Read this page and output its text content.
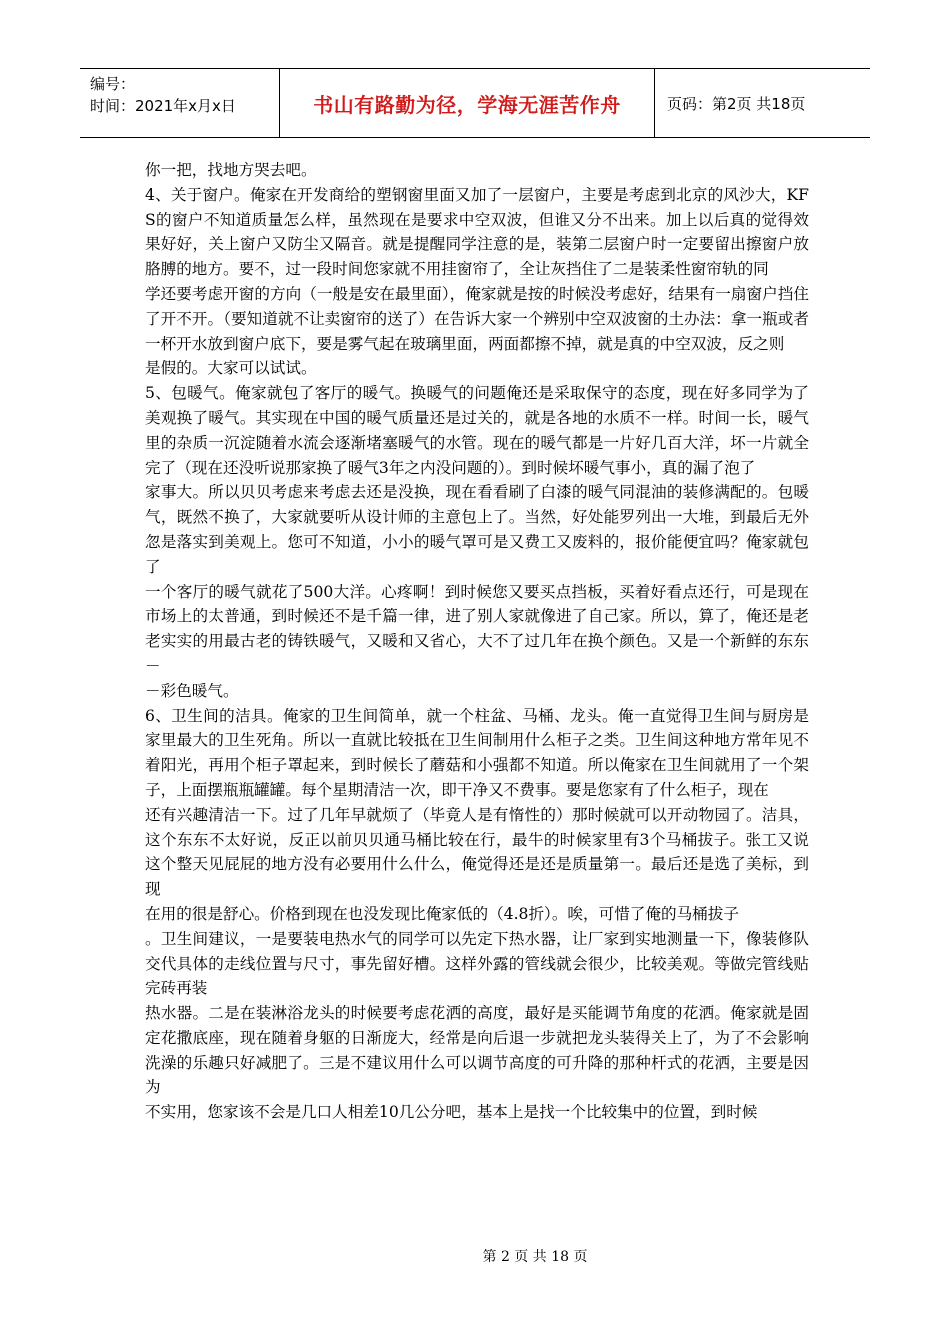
编号：
时间：2021年x月x日	书山有路勤为径，学海无涯苦作舟	页码：第2页 共18页

你一把，找地方哭去吧。

4、关于窗户。俺家在开发商给的塑钢窗里面又加了一层窗户，主要是考虑到北京的风沙大，KFS的窗户不知道质量怎么样，虽然现在是要求中空双波，但谁又分不出来。加上以后真的觉得效果好好，关上窗户又防尘又隔音。就是提醒同学注意的是，装第二层窗户时一定要留出擦窗户放胳膊的地方。要不，过一段时间您家就不用挂窗帘了，全让灰挡住了二是装柔性窗帘轨的同

学还要考虑开窗的方向（一般是安在最里面），俺家就是按的时候没考虑好，结果有一扇窗户挡住了开不开。（要知道就不让卖窗帘的送了）在告诉大家一个辨别中空双波窗的土办法：拿一瓶或者一杯开水放到窗户底下，要是雾气起在玻璃里面，两面都擦不掉，就是真的中空双波，反之则

是假的。大家可以试试。

5、包暖气。俺家就包了客厅的暖气。换暖气的问题俺还是采取保守的态度，现在好多同学为了美观换了暖气。其实现在中国的暖气质量还是过关的，就是各地的水质不一样。时间一长，暖气里的杂质一沉淀随着水流会逐渐堵塞暖气的水管。现在的暖气都是一片好几百大洋，坏一片就全完了（现在还没听说那家换了暖气3年之内没问题的）。到时候坏暖气事小，真的漏了泡了

家事大。所以贝贝考虑来考虑去还是没换，现在看看刷了白漆的暖气同混油的装修满配的。包暖气，既然不换了，大家就要听从设计师的主意包上了。当然，好处能罗列出一大堆，到最后无外忽是落实到美观上。您可不知道，小小的暖气罩可是又费工又废料的，报价能便宜吗？俺家就包了

一个客厅的暖气就花了500大洋。心疼啊！到时候您又要买点挡板，买着好看点还行，可是现在市场上的太普通，到时候还不是千篇一律，进了别人家就像进了自己家。所以，算了，俺还是老老实实的用最古老的铸铁暖气，又暖和又省心，大不了过几年在换个颜色。又是一个新鲜的东东－

－彩色暖气。

6、卫生间的洁具。俺家的卫生间简单，就一个柱盆、马桶、龙头。俺一直觉得卫生间与厨房是家里最大的卫生死角。所以一直就比较抵在卫生间制用什么柜子之类。卫生间这种地方常年见不着阳光，再用个柜子罩起来，到时候长了蘑菇和小强都不知道。所以俺家在卫生间就用了一个架子，上面摆瓶瓶罐罐。每个星期清洁一次，即干净又不费事。要是您家有了什么柜子，现在

还有兴趣清洁一下。过了几年早就烦了（毕竟人是有惰性的）那时候就可以开动物园了。洁具，这个东东不太好说，反正以前贝贝通马桶比较在行，最牛的时候家里有3个马桶拔子。张工又说这个整天见屁屁的地方没有必要用什么什么，俺觉得还是还是质量第一。最后还是选了美标，到现

在用的很是舒心。价格到现在也没发现比俺家低的（4.8折）。唉，可惜了俺的马桶拔子

。卫生间建议，一是要装电热水气的同学可以先定下热水器，让厂家到实地测量一下，像装修队交代具体的走线位置与尺寸，事先留好槽。这样外露的管线就会很少，比较美观。等做完管线贴完砖再装

热水器。二是在装淋浴龙头的时候要考虑花洒的高度，最好是买能调节角度的花洒。俺家就是固定花撒底座，现在随着身躯的日渐庞大，经常是向后退一步就把龙头装得关上了，为了不会影响洗澡的乐趣只好减肥了。三是不建议用什么可以调节高度的可升降的那种杆式的花洒，主要是因为

不实用，您家该不会是几口人相差10几公分吧，基本上是找一个比较集中的位置，到时候

第 2 页 共 18 页
